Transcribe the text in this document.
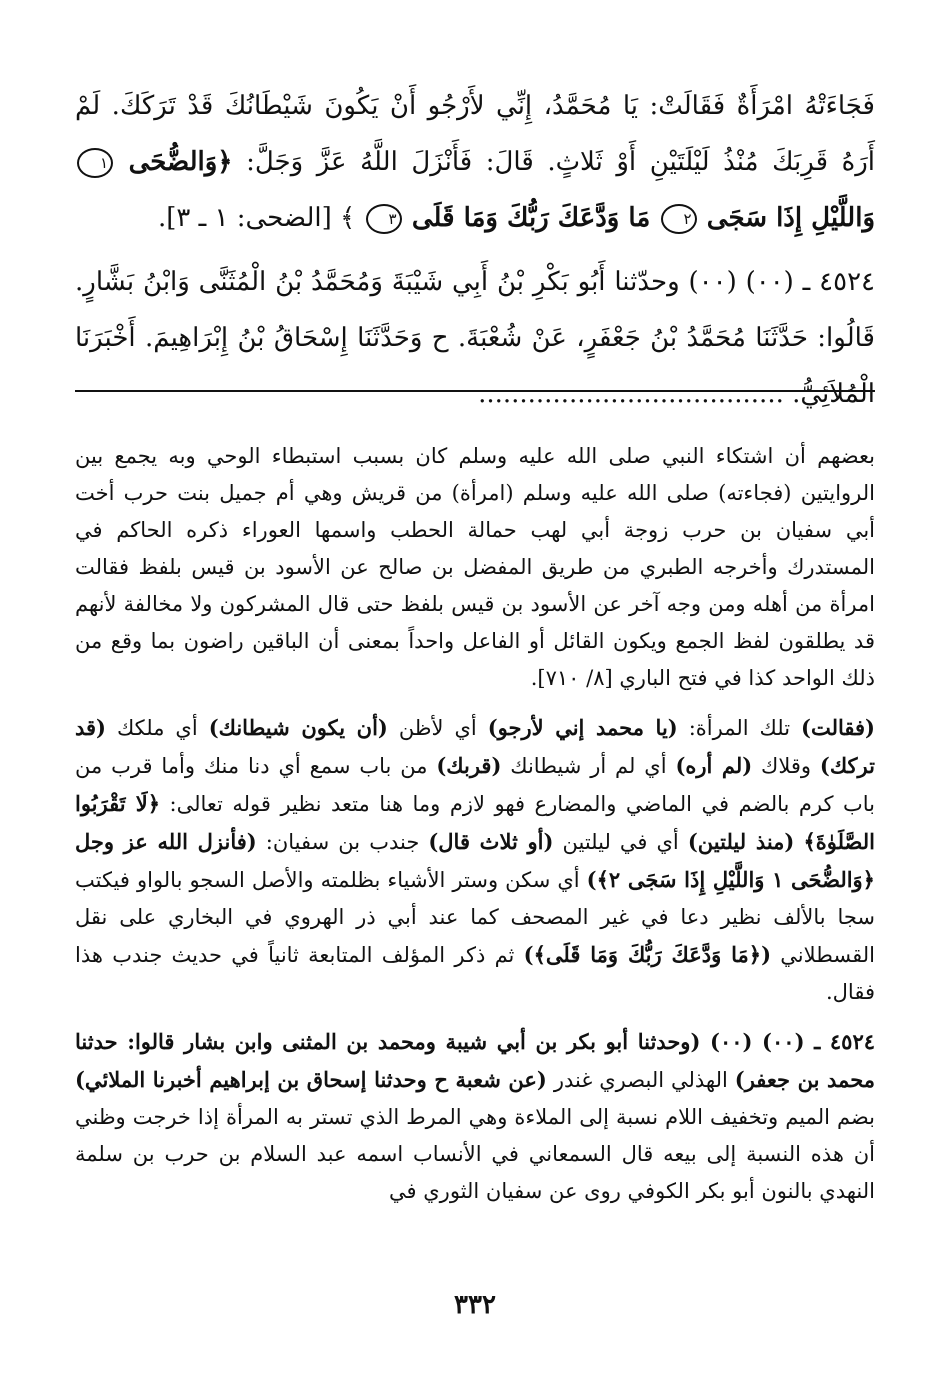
فَجَاءَتْهُ امْرَأَةٌ فَقَالَتْ: يَا مُحَمَّدُ، إِنِّي لأَرْجُو أَنْ يَكُونَ شَيْطَانُكَ قَدْ تَرَكَكَ. لَمْ أَرَهُ قَرِبَكَ مُنْذُ لَيْلَتَيْنِ أَوْ ثَلاثٍ. قَالَ: فَأَنْزَلَ اللَّهُ عَزَّ وَجَلَّ: ﴿وَالضُّحَى ١ وَاللَّيْلِ إِذَا سَجَى ٢ مَا وَدَّعَكَ رَبُّكَ وَمَا قَلَى ٣ ﴾ [الضحى: ١ ـ ٣].

٤٥٢٤ ـ (٠٠) (٠٠) وحدّثنا أَبُو بَكْرِ بْنُ أَبِي شَيْبَةَ وَمُحَمَّدُ بْنُ الْمُثَنَّى وَابْنُ بَشَّارٍ. قَالُوا: حَدَّثَنَا مُحَمَّدُ بْنُ جَعْفَرٍ، عَنْ شُعْبَةَ. ح وَحَدَّثَنَا إِسْحَاقُ بْنُ إِبْرَاهِيمَ. أَخْبَرَنَا الْمُلاَئِيُّ. .....................................

بعضهم أن اشتكاء النبي صلى الله عليه وسلم كان بسبب استبطاء الوحي وبه يجمع بين الروايتين (فجاءته) صلى الله عليه وسلم (امرأة) من قريش وهي أم جميل بنت حرب أخت أبي سفيان بن حرب زوجة أبي لهب حمالة الحطب واسمها العوراء ذكره الحاكم في المستدرك وأخرجه الطبري من طريق المفضل بن صالح عن الأسود بن قيس بلفظ فقالت امرأة من أهله ومن وجه آخر عن الأسود بن قيس بلفظ حتى قال المشركون ولا مخالفة لأنهم قد يطلقون لفظ الجمع ويكون القائل أو الفاعل واحداً بمعنى أن الباقين راضون بما وقع من ذلك الواحد كذا في فتح الباري [٨/ ٧١٠].

(فقالت) تلك المرأة: (يا محمد إني لأرجو) أي لأظن (أن يكون شيطانك) أي ملكك (قد تركك) وقلاك (لم أره) أي لم أر شيطانك (قربك) من باب سمع أي دنا منك وأما قرب من باب كرم بالضم في الماضي والمضارع فهو لازم وما هنا متعد نظير قوله تعالى: ﴿لَا تَقْرَبُوا الصَّلَوٰةَ﴾ (منذ ليلتين) أي في ليلتين (أو ثلاث قال) جندب بن سفيان: (فأنزل الله عز وجل ﴿وَالضُّحَى ١ وَاللَّيْلِ إِذَا سَجَى ٢﴾) أي سكن وستر الأشياء بظلمته والأصل السجو بالواو فيكتب سجا بالألف نظير دعا في غير المصحف كما عند أبي ذر الهروي في البخاري على نقل القسطلاني (﴿مَا وَدَّعَكَ رَبُّكَ وَمَا قَلَى﴾) ثم ذكر المؤلف المتابعة ثانياً في حديث جندب هذا فقال.

٤٥٢٤ ـ (٠٠) (٠٠) (وحدثنا أبو بكر بن أبي شيبة ومحمد بن المثنى وابن بشار قالوا: حدثنا محمد بن جعفر) الهذلي البصري غندر (عن شعبة ح وحدثنا إسحاق بن إبراهيم أخبرنا الملائي) بضم الميم وتخفيف اللام نسبة إلى الملاءة وهي المرط الذي تستر به المرأة إذا خرجت وظني أن هذه النسبة إلى بيعه قال السمعاني في الأنساب اسمه عبد السلام بن حرب بن سلمة النهدي بالنون أبو بكر الكوفي روى عن سفيان الثوري في

٣٣٢
